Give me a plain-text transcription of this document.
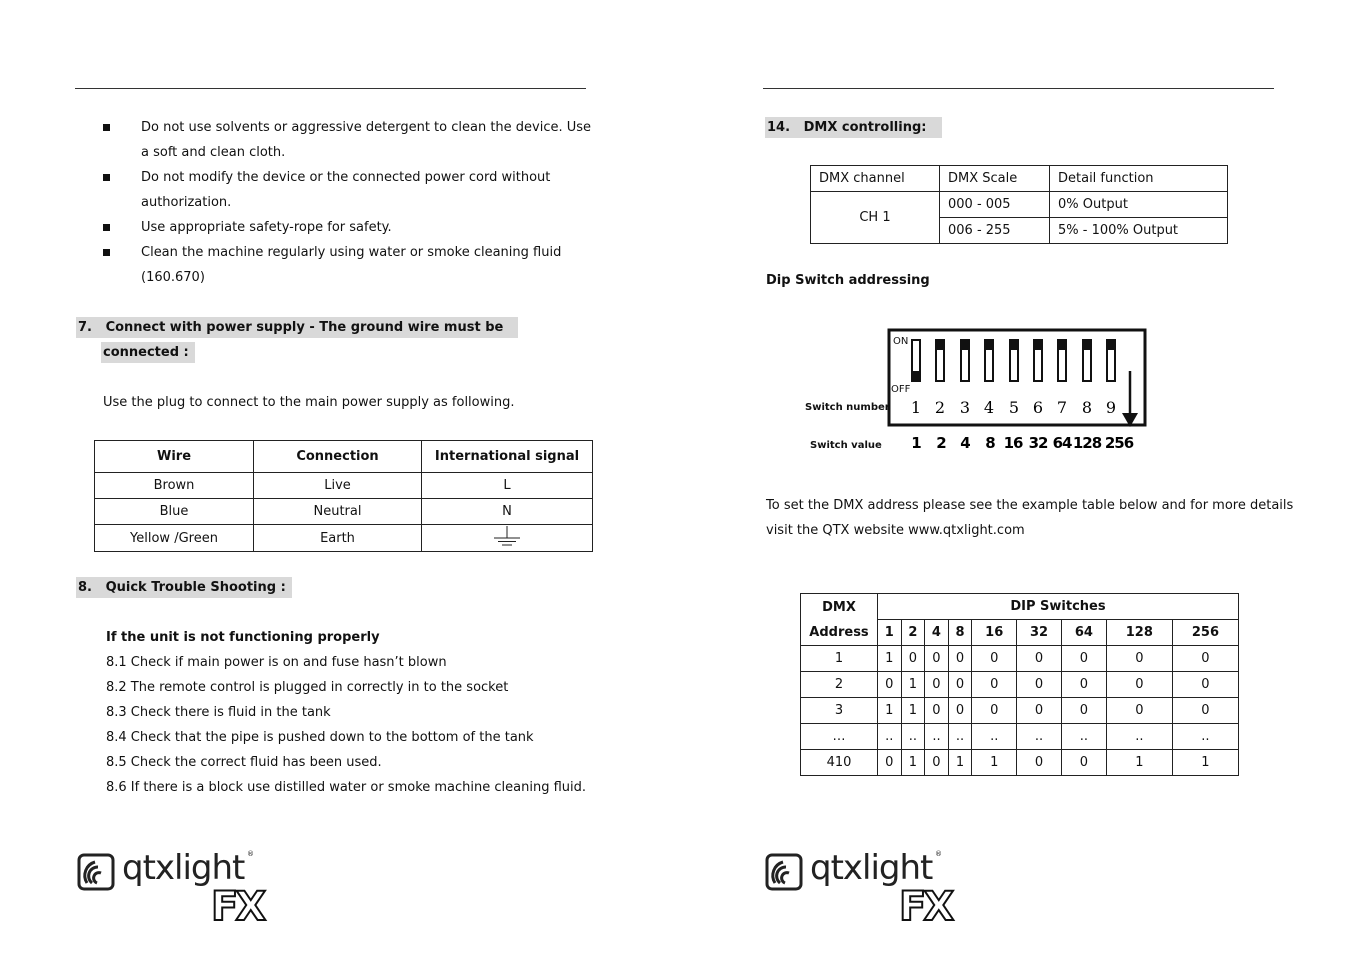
Do not use solvents or aggressive detergent to clean the device. Use a soft and clean cloth.
Do not modify the device or the connected power cord without authorization.
Use appropriate safety-rope for safety.
Clean the machine regularly using water or smoke cleaning fluid (160.670)
7. Connect with power supply - The ground wire must be
connected :
Use the plug to connect to the main power supply as following.
Wire	Connection	International signal
Brown	Live	L
Blue	Neutral	N
Yellow /Green	Earth	
8. Quick Trouble Shooting :
If the unit is not functioning properly
8.1 Check if main power is on and fuse hasn’t blown
8.2 The remote control is plugged in correctly in to the socket
8.3 Check there is fluid in the tank
8.4 Check that the pipe is pushed down to the bottom of the tank
8.5 Check the correct fluid has been used.
8.6 If there is a block use distilled water or smoke machine cleaning fluid.
qtxlight ®
FX
14. DMX controlling:
DMX channel	DMX Scale	Detail function
CH 1	000 - 005	0% Output
	006 - 255	5% - 100% Output
Dip Switch addressing
ON
OFF
Switch number
Switch value
1 2 3 4 5 6 7 8 9
1 2 4 8 16 32 64 128 256
To set the DMX address please see the example table below and for more details
visit the QTX website www.qtxlight.com
DMX
Address	DIP Switches								
	1	2	4	8	16	32	64	128	256
1	1	0	0	0	0	0	0	0	0
2	0	1	0	0	0	0	0	0	0
3	1	1	0	0	0	0	0	0	0
…	..	..	..	..	..	..	..	..	..
410	0	1	0	1	1	0	0	1	1
qtxlight ®
FX
